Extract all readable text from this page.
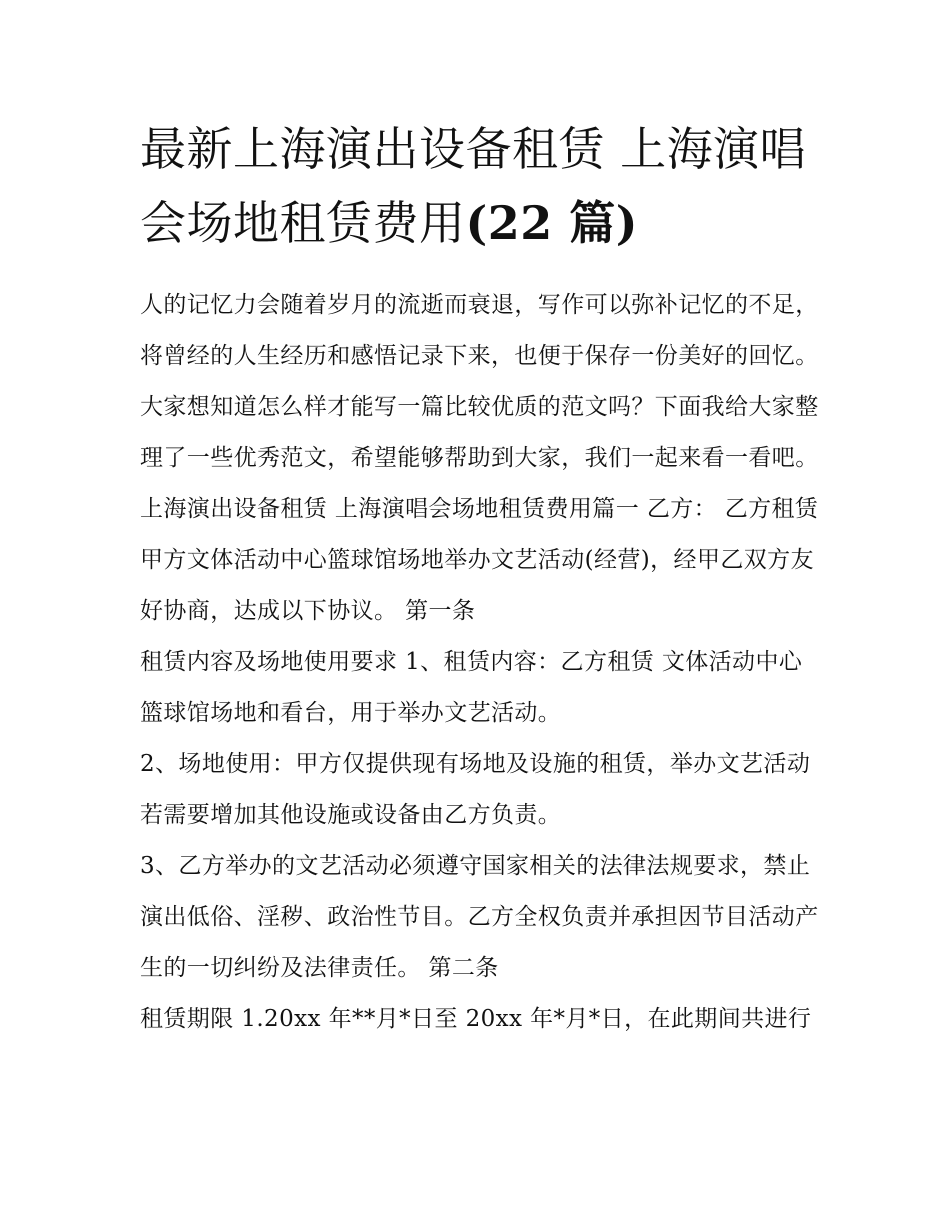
最新上海演出设备租赁 上海演唱会场地租赁费用(22 篇)

人的记忆力会随着岁月的流逝而衰退，写作可以弥补记忆的不足，将曾经的人生经历和感悟记录下来，也便于保存一份美好的回忆。大家想知道怎么样才能写一篇比较优质的范文吗？下面我给大家整理了一些优秀范文，希望能够帮助到大家，我们一起来看一看吧。

上海演出设备租赁 上海演唱会场地租赁费用篇一 乙方： 乙方租赁甲方文体活动中心篮球馆场地举办文艺活动(经营)，经甲乙双方友好协商，达成以下协议。 第一条

租赁内容及场地使用要求 1、租赁内容：乙方租赁 文体活动中心篮球馆场地和看台，用于举办文艺活动。

2、场地使用：甲方仅提供现有场地及设施的租赁，举办文艺活动若需要增加其他设施或设备由乙方负责。

3、乙方举办的文艺活动必须遵守国家相关的法律法规要求，禁止演出低俗、淫秽、政治性节目。乙方全权负责并承担因节目活动产生的一切纠纷及法律责任。 第二条

租赁期限 1.20xx 年**月*日至 20xx 年*月*日，在此期间共进行
